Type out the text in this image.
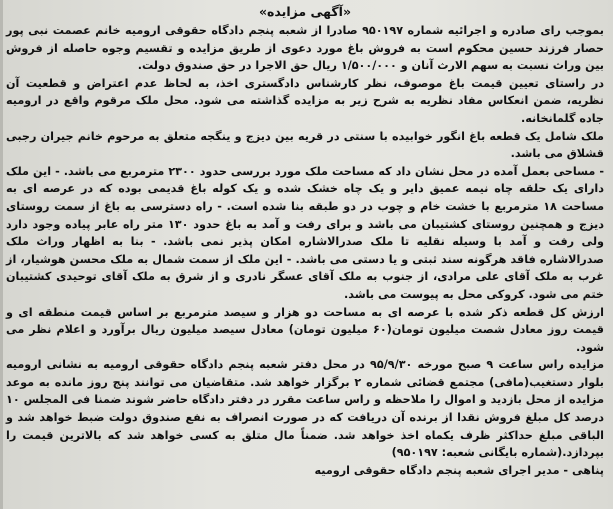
«آگهی مزایده»

بموجب رای صادره و اجرائیه شماره ۹۵۰۱۹۷ صادرا از شعبه پنجم دادگاه حقوقی ارومیه خانم عصمت نبی پور حصار فرزند حسین محکوم است به فروش باغ مورد دعوی از طریق مزایده و تقسیم وجوه حاصله از فروش بین وراث نسبت به سهم الارث آنان و ۱/۵۰۰/۰۰۰ ریال حق الاجرا در حق صندوق دولت.

در راستای تعیین قیمت باغ موصوف، نظر کارشناس دادگستری اخذ، به لحاظ عدم اعتراض و قطعیت آن نظریه، ضمن انعکاس مفاد نظریه به شرح زیر به مزایده گذاشته می شود. محل ملک مرقوم واقع در ارومیه جاده گلمانخانه.

ملک شامل یک قطعه باغ انگور خوابیده با سنتی در قریه بین دیزج و ینگجه متعلق به مرحوم خانم جیران رجبی قشلاق می باشد.

- مساحی بعمل آمده در محل نشان داد که مساحت ملک مورد بررسی حدود ۲۳۰۰ مترمربع می باشد. - این ملک دارای یک حلقه چاه نیمه عمیق دایر و یک چاه خشک شده و یک کوله باغ قدیمی بوده که در عرصه ای به مساحت ۱۸ مترمربع با خشت خام و چوب در دو طبقه بنا شده است. - راه دسترسی به باغ از سمت روستای دیزج و همچنین روستای کشتیبان می باشد و برای رفت و آمد به باغ حدود ۱۳۰ متر راه عابر پیاده وجود دارد ولی رفت و آمد با وسیله نقلیه تا ملک صدرالاشاره امکان پذیر نمی باشد. - بنا به اظهار وراث ملک صدرالاشاره فاقد هرگونه سند ثبتی و یا دستی می باشد. - این ملک از سمت شمال به ملک محسن هوشیار، از غرب به ملک آقای علی مرادی، از جنوب به ملک آقای عسگر نادری و از شرق به ملک آقای توحیدی کشتیبان ختم می شود. کروکی محل به پیوست می باشد.

ارزش کل قطعه ذکر شده با عرصه ای به مساحت دو هزار و سیصد مترمربع بر اساس قیمت منطقه ای و قیمت روز معادل شصت میلیون تومان(۶۰ میلیون تومان) معادل سیصد میلیون ریال برآورد و اعلام نظر می شود.

مزایده راس ساعت ۹ صبح مورخه ۹۵/۹/۳۰ در محل دفتر شعبه پنجم دادگاه حقوقی ارومیه به نشانی ارومیه بلوار دستغیب(مافی) مجتمع قضائی شماره ۲ برگزار خواهد شد. متقاضیان می توانند پنج روز مانده به موعد مزایده از محل بازدید و اموال را ملاحظه و راس ساعت مقرر در دفتر دادگاه حاضر شوند ضمنا فی المجلس ۱۰ درصد کل مبلغ فروش نقدا از برنده آن دریافت که در صورت انصراف به نفع صندوق دولت ضبط خواهد شد و الباقی مبلغ حداکثر ظرف یکماه اخذ خواهد شد. ضمناً مال متلق به کسی خواهد شد که بالاترین قیمت را بپردازد.(شماره بایگانی شعبه: ۹۵۰۱۹۷)

پناهی - مدیر اجرای شعبه پنجم دادگاه حقوقی ارومیه
